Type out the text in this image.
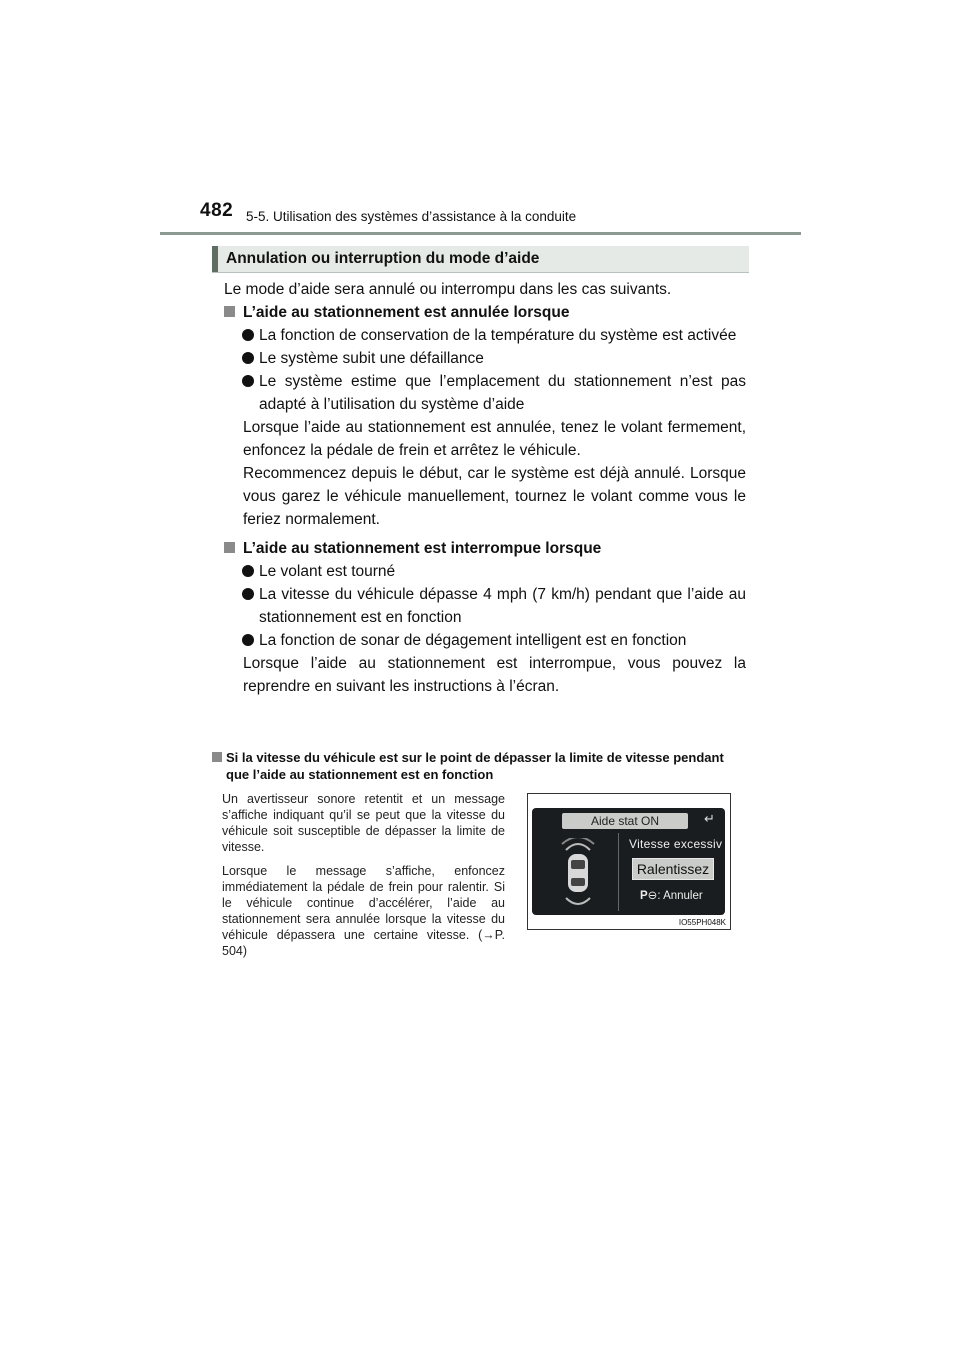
482 5-5. Utilisation des systèmes d’assistance à la conduite
Annulation ou interruption du mode d’aide

Le mode d’aide sera annulé ou interrompu dans les cas suivants.

L’aide au stationnement est annulée lorsque

La fonction de conservation de la température du système est activée

Le système subit une défaillance

Le système estime que l’emplacement du stationnement n’est pas adapté à l’utilisation du système d’aide

Lorsque l’aide au stationnement est annulée, tenez le volant fermement, enfoncez la pédale de frein et arrêtez le véhicule.

Recommencez depuis le début, car le système est déjà annulé. Lorsque vous garez le véhicule manuellement, tournez le volant comme vous le feriez normalement.

L’aide au stationnement est interrompue lorsque

Le volant est tourné

La vitesse du véhicule dépasse 4 mph (7 km/h) pendant que l’aide au stationnement est en fonction

La fonction de sonar de dégagement intelligent est en fonction

Lorsque l’aide au stationnement est interrompue, vous pouvez la reprendre en suivant les instructions à l’écran.

Si la vitesse du véhicule est sur le point de dépasser la limite de vitesse pendant que l’aide au stationnement est en fonction

Un avertisseur sonore retentit et un message s’affiche indiquant qu’il se peut que la vitesse du véhicule soit susceptible de dépasser la limite de vitesse.

Lorsque le message s’affiche, enfoncez immédiatement la pédale de frein pour ralentir. Si le véhicule continue d’accélérer, l’aide au stationnement sera annulée lorsque la vitesse du véhicule dépassera une certaine vitesse. (→P. 504)

Aide stat ON	↵
Vitesse excessiv
Ralentissez
P⊖: Annuler
IO55PH048K
